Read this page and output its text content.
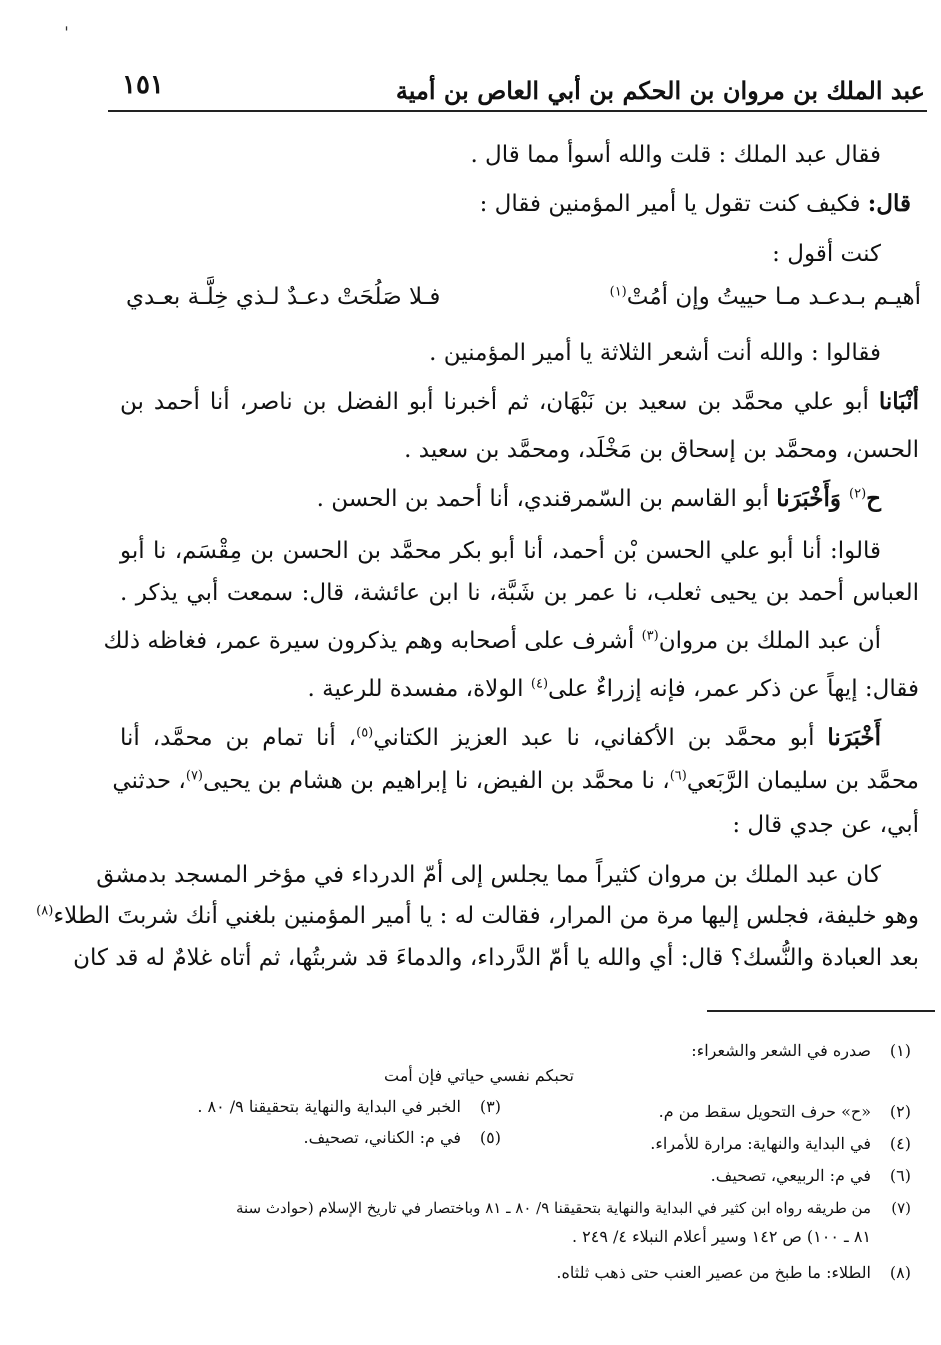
ˈ
عبد الملك بن مروان بن الحكم بن أبي العاص بن أمية
١٥١
فقال عبد الملك : قلت والله أسوأ مما قال .
قال: فكيف كنت تقول يا أمير المؤمنين فقال :
كنت أقول :
أهيـم بـدعـد مـا حييتُ وإن أمُتْ$^{(١)}$
فـلا صَلُحَتْ دعـدٌ لـذي خِلَّـة بعـدي
فقالوا : والله أنت أشعر الثلاثة يا أمير المؤمنين .
أنْبَانا أبو علي محمَّد بن سعيد بن نَبْهَان، ثم أخبرنا أبو الفضل بن ناصر، أنا أحمد بن
الحسن، ومحمَّد بن إسحاق بن مَخْلَد، ومحمَّد بن سعيد .
ح$^{(٢)}$ وَأَخْبَرَنا أبو القاسم بن السّمرقندي، أنا أحمد بن الحسن .
قالوا: أنا أبو علي الحسن بْن أحمد، أنا أبو بكر محمَّد بن الحسن بن مِقْسَم، نا أبو
العباس أحمد بن يحيى ثعلب، نا عمر بن شَبَّة، نا ابن عائشة، قال: سمعت أبي يذكر .
أن عبد الملك بن مروان$^{(٣)}$ أشرف على أصحابه وهم يذكرون سيرة عمر، فغاظه ذلك
فقال: إيهاً عن ذكر عمر، فإنه إزراءٌ على$^{(٤)}$ الولاة، مفسدة للرعية .
أَخْبَرَنا أبو محمَّد بن الأكفاني، نا عبد العزيز الكتاني$^{(٥)}$، أنا تمام بن محمَّد، أنا
محمَّد بن سليمان الرَّبَعي$^{(٦)}$، نا محمَّد بن الفيض، نا إبراهيم بن هشام بن يحيى$^{(٧)}$، حدثني
أبي، عن جدي قال :
كان عبد الملك بن مروان كثيراً مما يجلس إلى أمّ الدرداء في مؤخر المسجد بدمشق
وهو خليفة، فجلس إليها مرة من المرار، فقالت له : يا أمير المؤمنين بلغني أنك شربتَ الطلاء$^{(٨)}$
بعد العبادة والنُّسك؟ قال: أي والله يا أمّ الدَّرداء، والدماءَ قد شربتُها، ثم أتاه غلامٌ له قد كان
(١)صدره في الشعر والشعراء:
تحبكم نفسي حياتي فإن أمت
(٢)«ح» حرف التحويل سقط من م.
(٣)الخبر في البداية والنهاية بتحقيقنا ٩/ ٨٠ .
(٤)في البداية والنهاية: مرارة للأمراء.
(٥)في م: الكناني، تصحيف.
(٦)في م: الربيعي، تصحيف.
(٧)من طريقه رواه ابن كثير في البداية والنهاية بتحقيقنا ٩/ ٨٠ ـ ٨١ وباختصار في تاريخ الإسلام (حوادث سنة
٨١ ـ ١٠٠) ص ١٤٢ وسير أعلام النبلاء ٤/ ٢٤٩ .
(٨)الطلاء: ما طبخ من عصير العنب حتى ذهب ثلثاه.
